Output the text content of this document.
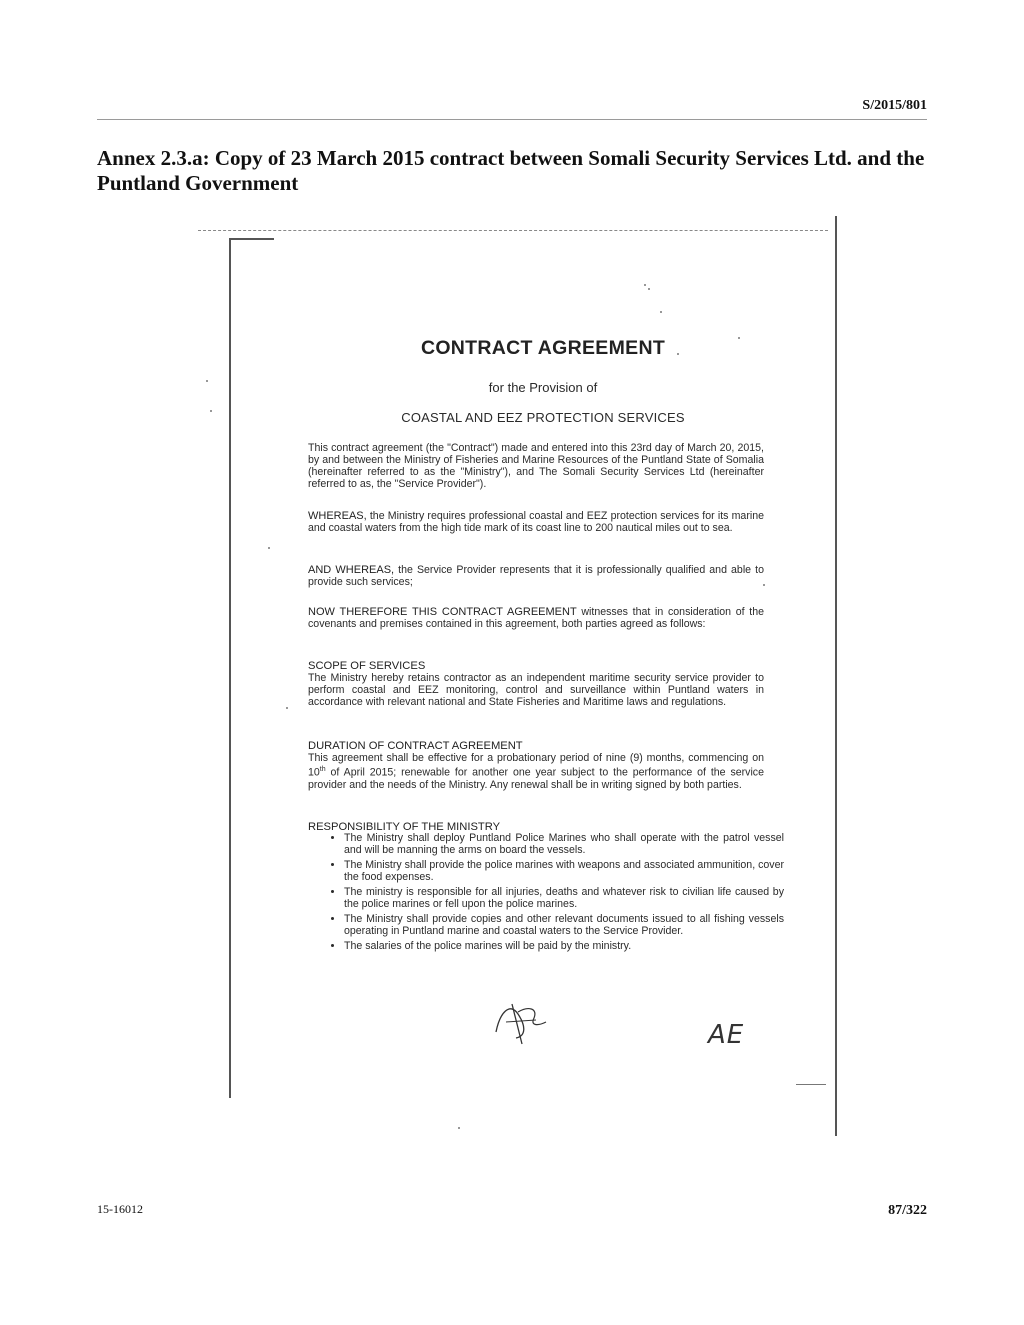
S/2015/801
Annex 2.3.a: Copy of 23 March 2015 contract between Somali Security Services Ltd. and the Puntland Government
CONTRACT AGREEMENT
for the Provision of
COASTAL AND EEZ PROTECTION SERVICES

This contract agreement (the "Contract") made and entered into this 23rd day of March 20, 2015, by and between the Ministry of Fisheries and Marine Resources of the Puntland State of Somalia (hereinafter referred to as the "Ministry"), and The Somali Security Services Ltd (hereinafter referred to as, the "Service Provider").

WHEREAS, the Ministry requires professional coastal and EEZ protection services for its marine and coastal waters from the high tide mark of its coast line to 200 nautical miles out to sea.

AND WHEREAS, the Service Provider represents that it is professionally qualified and able to provide such services;

NOW THEREFORE THIS CONTRACT AGREEMENT witnesses that in consideration of the covenants and premises contained in this agreement, both parties agreed as follows:

SCOPE OF SERVICES
The Ministry hereby retains contractor as an independent maritime security service provider to perform coastal and EEZ monitoring, control and surveillance within Puntland waters in accordance with relevant national and State Fisheries and Maritime laws and regulations.
DURATION OF CONTRACT AGREEMENT
This agreement shall be effective for a probationary period of nine (9) months, commencing on 10th of April 2015; renewable for another one year subject to the performance of the service provider and the needs of the Ministry. Any renewal shall be in writing signed by both parties.
RESPONSIBILITY OF THE MINISTRY
• The Ministry shall deploy Puntland Police Marines who shall operate with the patrol vessel and will be manning the arms on board the vessels.
• The Ministry shall provide the police marines with weapons and associated ammunition, cover the food expenses.
• The ministry is responsible for all injuries, deaths and whatever risk to civilian life caused by the police marines or fell upon the police marines.
• The Ministry shall provide copies and other relevant documents issued to all fishing vessels operating in Puntland marine and coastal waters to the Service Provider.
• The salaries of the police marines will be paid by the ministry.
AE
15-16012	87/322
